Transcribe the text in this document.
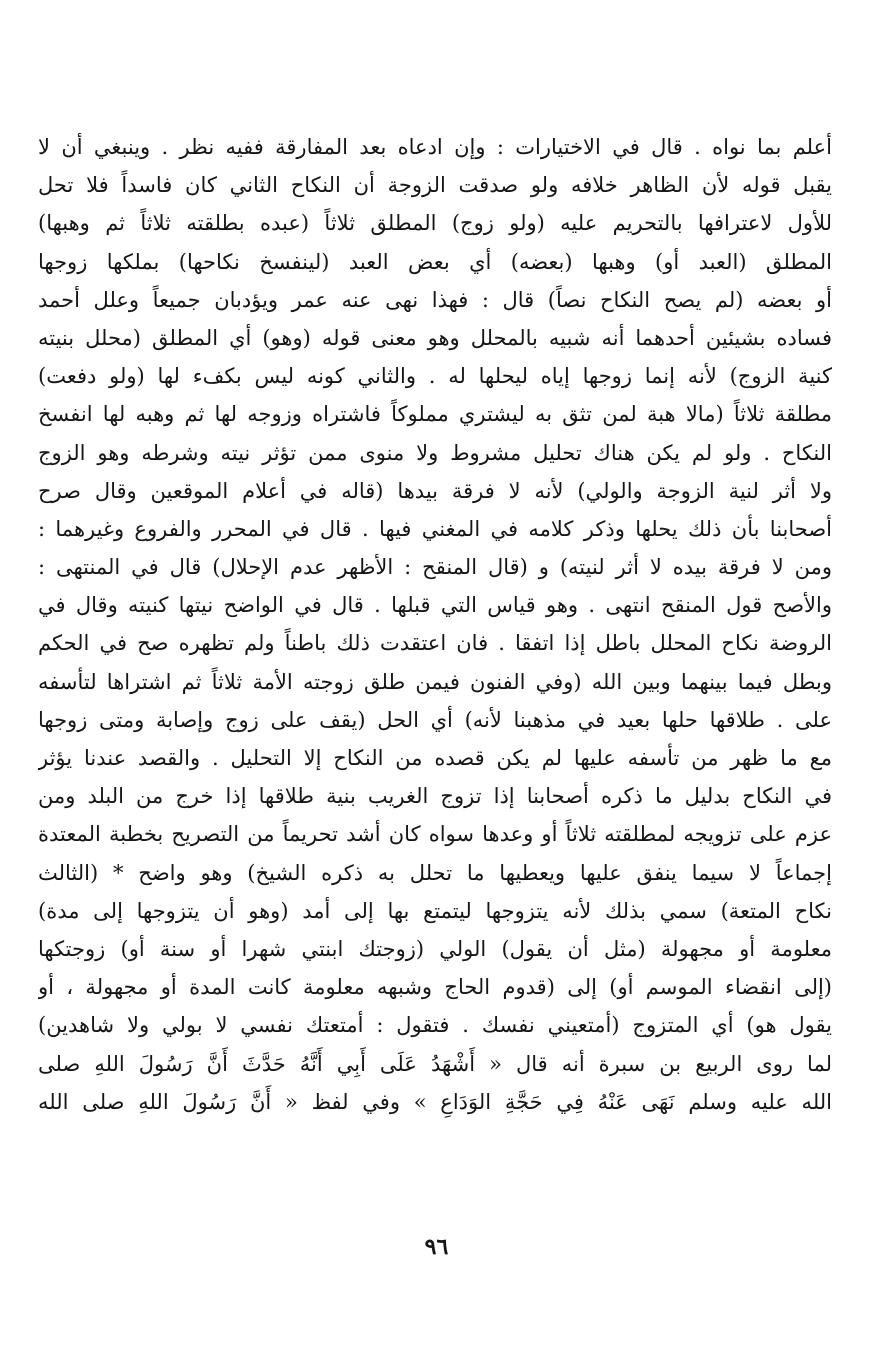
أعلم بما نواه . قال في الاختيارات : وإن ادعاه بعد المفارقة ففيه نظر . وينبغي أن لا
يقبل قوله لأن الظاهر خلافه ولو صدقت الزوجة أن النكاح الثاني كان فاسداً فلا تحل
للأول لاعترافها بالتحريم عليه (ولو زوج) المطلق ثلاثاً (عبده بطلقته ثلاثاً ثم وهبها)
المطلق (العبد أو) وهبها (بعضه) أي بعض العبد (لينفسخ نكاحها) بملكها زوجها
أو بعضه (لم يصح النكاح نصاً) قال : فهذا نهى عنه عمر ويؤدبان جميعاً وعلل أحمد
فساده بشيئين أحدهما أنه شبيه بالمحلل وهو معنى قوله (وهو) أي المطلق (محلل بنيته
كنية الزوج) لأنه إنما زوجها إياه ليحلها له . والثاني كونه ليس بكفء لها (ولو دفعت)
مطلقة ثلاثاً (مالا هبة لمن تثق به ليشتري مملوكاً فاشتراه وزوجه لها ثم وهبه لها انفسخ
النكاح . ولو لم يكن هناك تحليل مشروط ولا منوى ممن تؤثر نيته وشرطه وهو الزوج
ولا أثر لنية الزوجة والولي) لأنه لا فرقة بيدها (قاله في أعلام الموقعين وقال صرح
أصحابنا بأن ذلك يحلها وذكر كلامه في المغني فيها . قال في المحرر والفروع وغيرهما :
ومن لا فرقة بيده لا أثر لنيته) و (قال المنقح : الأظهر عدم الإحلال) قال في المنتهى :
والأصح قول المنقح انتهى . وهو قياس التي قبلها . قال في الواضح نيتها كنيته وقال في
الروضة نكاح المحلل باطل إذا اتفقا . فان اعتقدت ذلك باطناً ولم تظهره صح في الحكم
وبطل فيما بينهما وبين الله (وفي الفنون فيمن طلق زوجته الأمة ثلاثاً ثم اشتراها لتأسفه
على . طلاقها حلها بعيد في مذهبنا لأنه) أي الحل (يقف على زوج وإصابة ومتى زوجها
مع ما ظهر من تأسفه عليها لم يكن قصده من النكاح إلا التحليل . والقصد عندنا يؤثر
في النكاح بدليل ما ذكره أصحابنا إذا تزوج الغريب بنية طلاقها إذا خرج من البلد ومن
عزم على تزويجه لمطلقته ثلاثاً أو وعدها سواه كان أشد تحريماً من التصريح بخطبة المعتدة
إجماعاً لا سيما ينفق عليها ويعطيها ما تحلل به ذكره الشيخ) وهو واضح * (الثالث
نكاح المتعة) سمي بذلك لأنه يتزوجها ليتمتع بها إلى أمد (وهو أن يتزوجها إلى مدة)
معلومة أو مجهولة (مثل أن يقول) الولي (زوجتك ابنتي شهرا أو سنة أو) زوجتكها
(إلى انقضاء الموسم أو) إلى (قدوم الحاج وشبهه معلومة كانت المدة أو مجهولة ، أو
يقول هو) أي المتزوج (أمتعيني نفسك . فتقول : أمتعتك نفسي لا بولي ولا شاهدين)
لما روى الربيع بن سبرة أنه قال « أَشْهَدُ عَلَى أَبِي أَنَّهُ حَدَّثَ أَنَّ رَسُولَ اللهِ صلى
الله عليه وسلم نَهَى عَنْهُ فِي حَجَّةِ الوَدَاعِ » وفي لفظ « أَنَّ رَسُولَ اللهِ صلى الله
٩٦
